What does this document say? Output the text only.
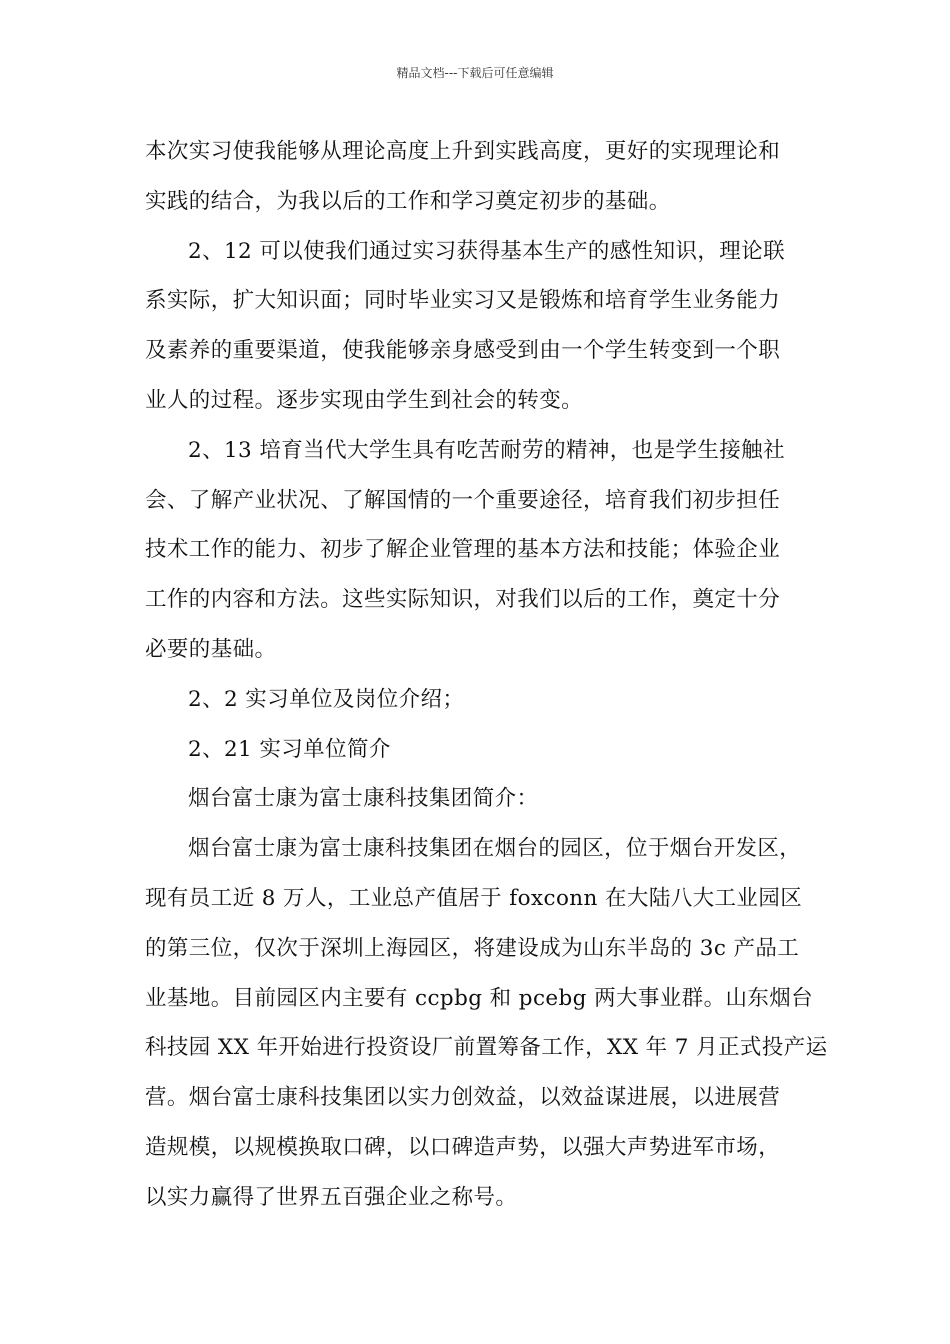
精品文档---下载后可任意编辑
本次实习使我能够从理论高度上升到实践高度，更好的实现理论和
实践的结合，为我以后的工作和学习奠定初步的基础。
2、12 可以使我们通过实习获得基本生产的感性知识，理论联
系实际，扩大知识面；同时毕业实习又是锻炼和培育学生业务能力
及素养的重要渠道，使我能够亲身感受到由一个学生转变到一个职
业人的过程。逐步实现由学生到社会的转变。
2、13 培育当代大学生具有吃苦耐劳的精神，也是学生接触社
会、了解产业状况、了解国情的一个重要途径，培育我们初步担任
技术工作的能力、初步了解企业管理的基本方法和技能；体验企业
工作的内容和方法。这些实际知识，对我们以后的工作，奠定十分
必要的基础。
2、2 实习单位及岗位介绍；
2、21 实习单位简介
烟台富士康为富士康科技集团简介：
烟台富士康为富士康科技集团在烟台的园区，位于烟台开发区，
现有员工近 8 万人，工业总产值居于 foxconn 在大陆八大工业园区
的第三位，仅次于深圳上海园区，将建设成为山东半岛的 3c 产品工
业基地。目前园区内主要有 ccpbg 和 pcebg 两大事业群。山东烟台
科技园 XX 年开始进行投资设厂前置筹备工作，XX 年 7 月正式投产运
营。烟台富士康科技集团以实力创效益，以效益谋进展，以进展营
造规模，以规模换取口碑，以口碑造声势，以强大声势进军市场，
以实力赢得了世界五百强企业之称号。
